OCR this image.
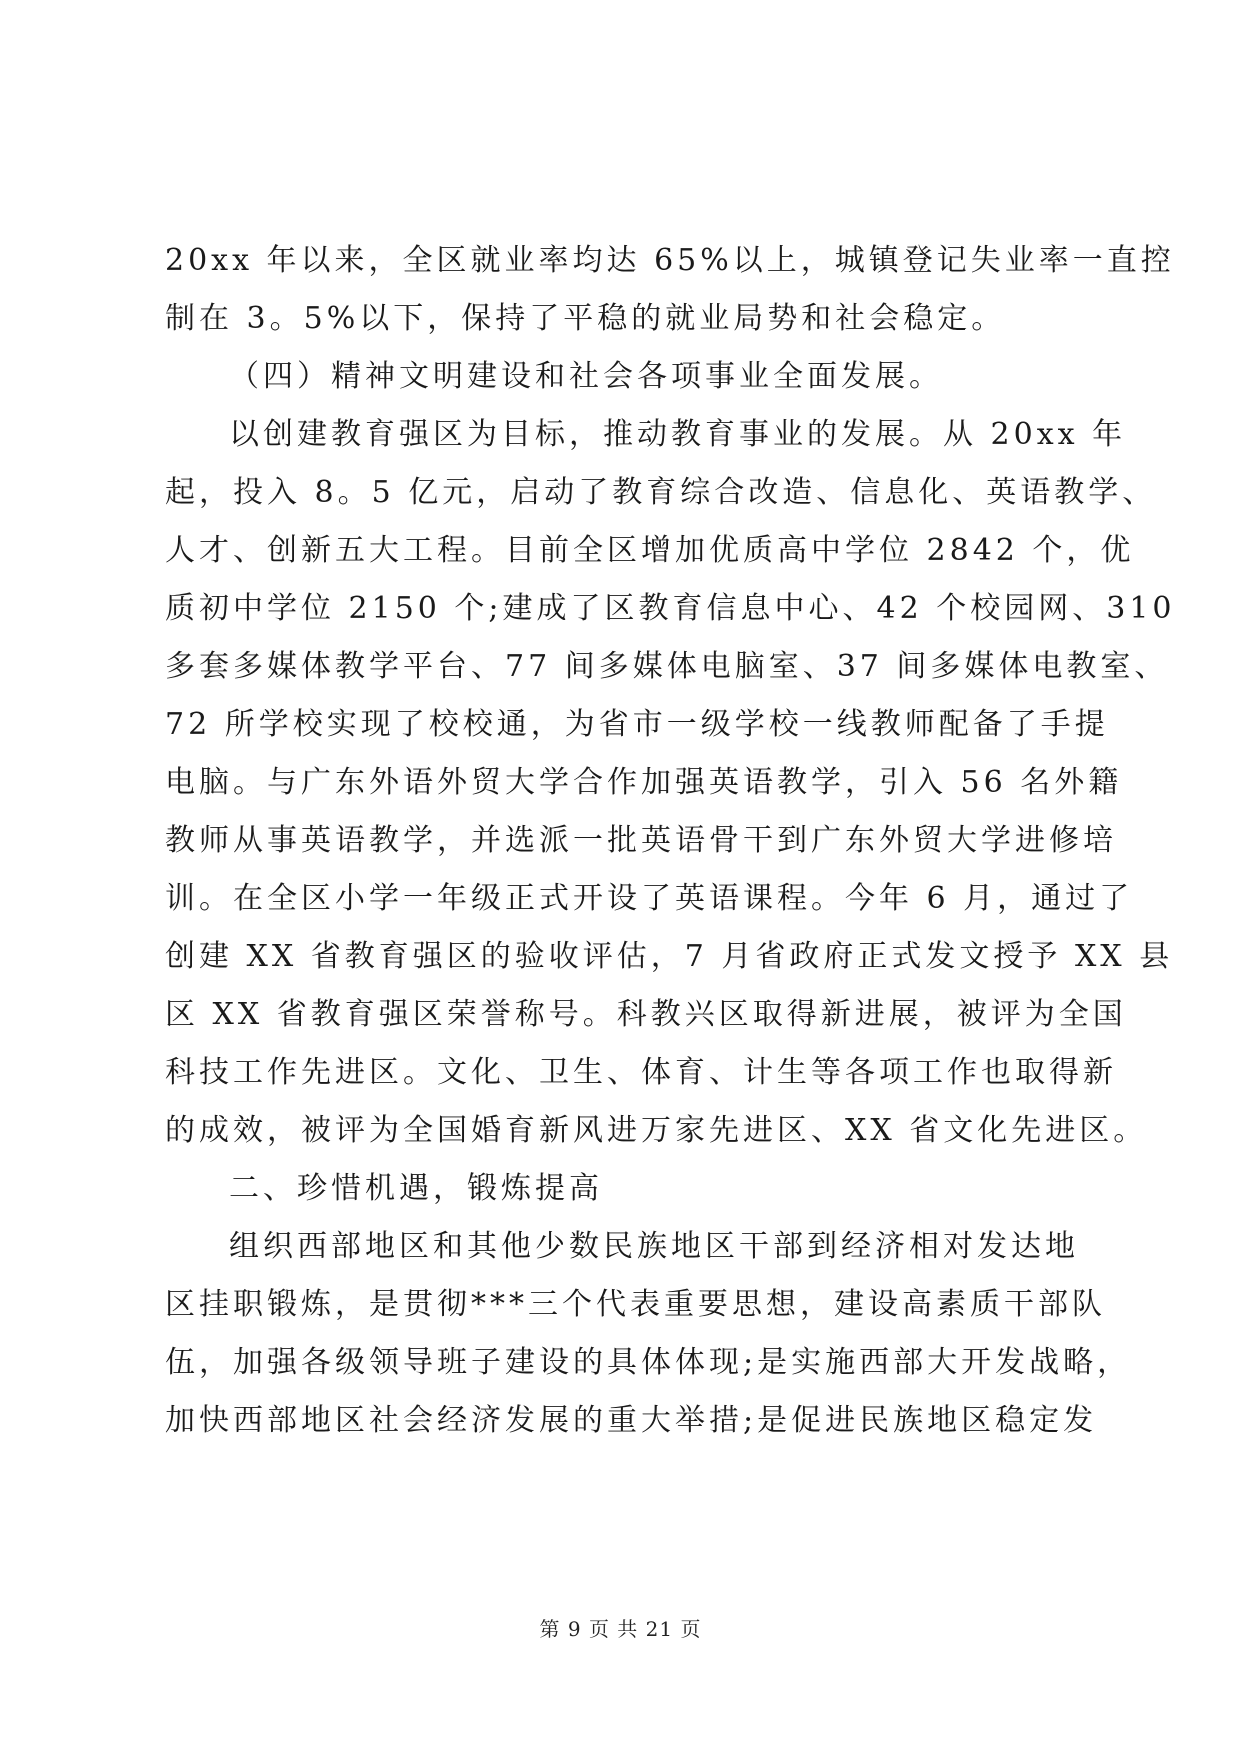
20xx 年以来，全区就业率均达 65%以上，城镇登记失业率一直控
制在 3。5%以下，保持了平稳的就业局势和社会稳定。
（四）精神文明建设和社会各项事业全面发展。
以创建教育强区为目标，推动教育事业的发展。从 20xx 年
起，投入 8。5 亿元，启动了教育综合改造、信息化、英语教学、
人才、创新五大工程。目前全区增加优质高中学位 2842 个，优
质初中学位 2150 个;建成了区教育信息中心、42 个校园网、310
多套多媒体教学平台、77 间多媒体电脑室、37 间多媒体电教室、
72 所学校实现了校校通，为省市一级学校一线教师配备了手提
电脑。与广东外语外贸大学合作加强英语教学，引入 56 名外籍
教师从事英语教学，并选派一批英语骨干到广东外贸大学进修培
训。在全区小学一年级正式开设了英语课程。今年 6 月，通过了
创建 XX 省教育强区的验收评估，7 月省政府正式发文授予 XX 县
区 XX 省教育强区荣誉称号。科教兴区取得新进展，被评为全国
科技工作先进区。文化、卫生、体育、计生等各项工作也取得新
的成效，被评为全国婚育新风进万家先进区、XX 省文化先进区。
二、珍惜机遇，锻炼提高
组织西部地区和其他少数民族地区干部到经济相对发达地
区挂职锻炼，是贯彻***三个代表重要思想，建设高素质干部队
伍，加强各级领导班子建设的具体体现;是实施西部大开发战略，
加快西部地区社会经济发展的重大举措;是促进民族地区稳定发
第 9 页 共 21 页
